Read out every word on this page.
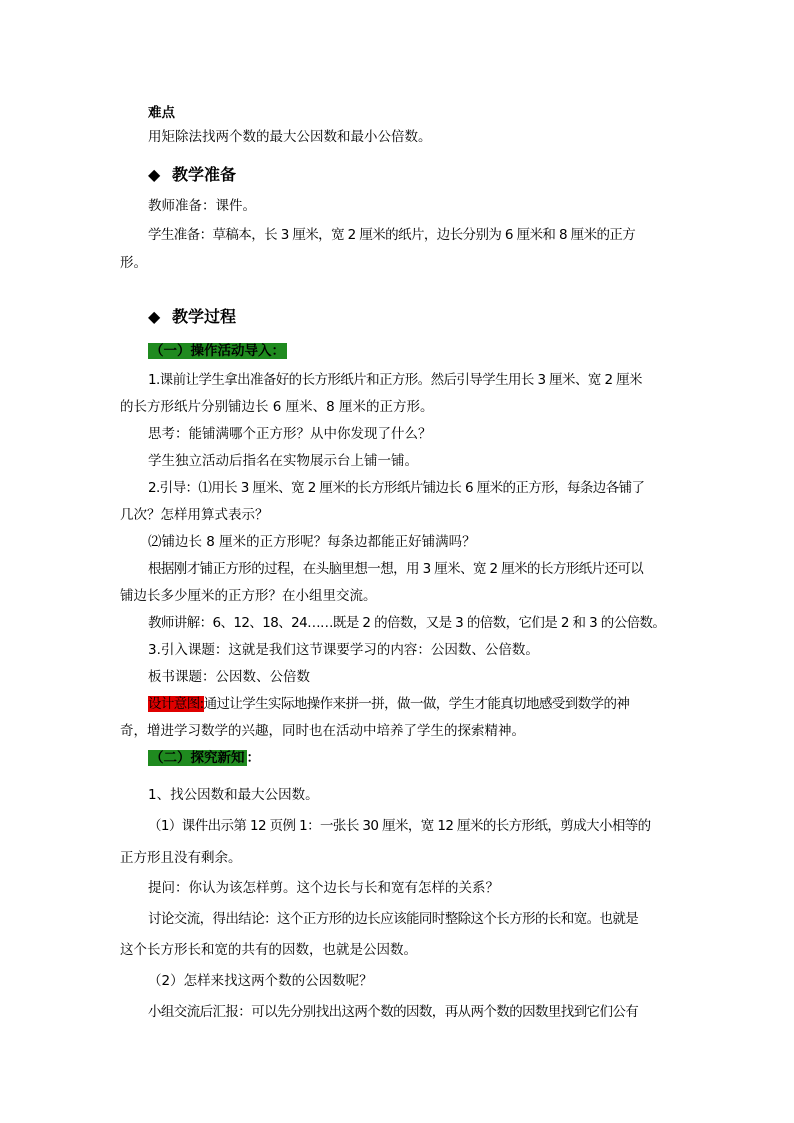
难点
用矩除法找两个数的最大公因数和最小公倍数。
◆ 教学准备
教师准备：课件。
学生准备：草稿本，长 3 厘米，宽 2 厘米的纸片，边长分别为 6 厘米和 8 厘米的正方
形。
◆ 教学过程
（一）操作活动导入：
1.课前让学生拿出准备好的长方形纸片和正方形。然后引导学生用长 3 厘米、宽 2 厘米
的长方形纸片分别铺边长 6 厘米、8 厘米的正方形。
思考：能铺满哪个正方形？从中你发现了什么？
学生独立活动后指名在实物展示台上铺一铺。
2.引导：⑴用长 3 厘米、宽 2 厘米的长方形纸片铺边长 6 厘米的正方形，每条边各铺了
几次？怎样用算式表示？
⑵铺边长 8 厘米的正方形呢？每条边都能正好铺满吗？
根据刚才铺正方形的过程，在头脑里想一想，用 3 厘米、宽 2 厘米的长方形纸片还可以
铺边长多少厘米的正方形？在小组里交流。
教师讲解：6、12、18、24……既是 2 的倍数，又是 3 的倍数，它们是 2 和 3 的公倍数。
3.引入课题：这就是我们这节课要学习的内容：公因数、公倍数。
板书课题：公因数、公倍数
设计意图:通过让学生实际地操作来拼一拼，做一做，学生才能真切地感受到数学的神
奇，增进学习数学的兴趣，同时也在活动中培养了学生的探索精神。
（二）探究新知 ：
1、找公因数和最大公因数。
（1）课件出示第 12 页例 1：一张长 30 厘米，宽 12 厘米的长方形纸，剪成大小相等的
正方形且没有剩余。
提问：你认为该怎样剪。这个边长与长和宽有怎样的关系？
讨论交流，得出结论：这个正方形的边长应该能同时整除这个长方形的长和宽。也就是
这个长方形长和宽的共有的因数，也就是公因数。
（2）怎样来找这两个数的公因数呢？
小组交流后汇报：可以先分别找出这两个数的因数，再从两个数的因数里找到它们公有
